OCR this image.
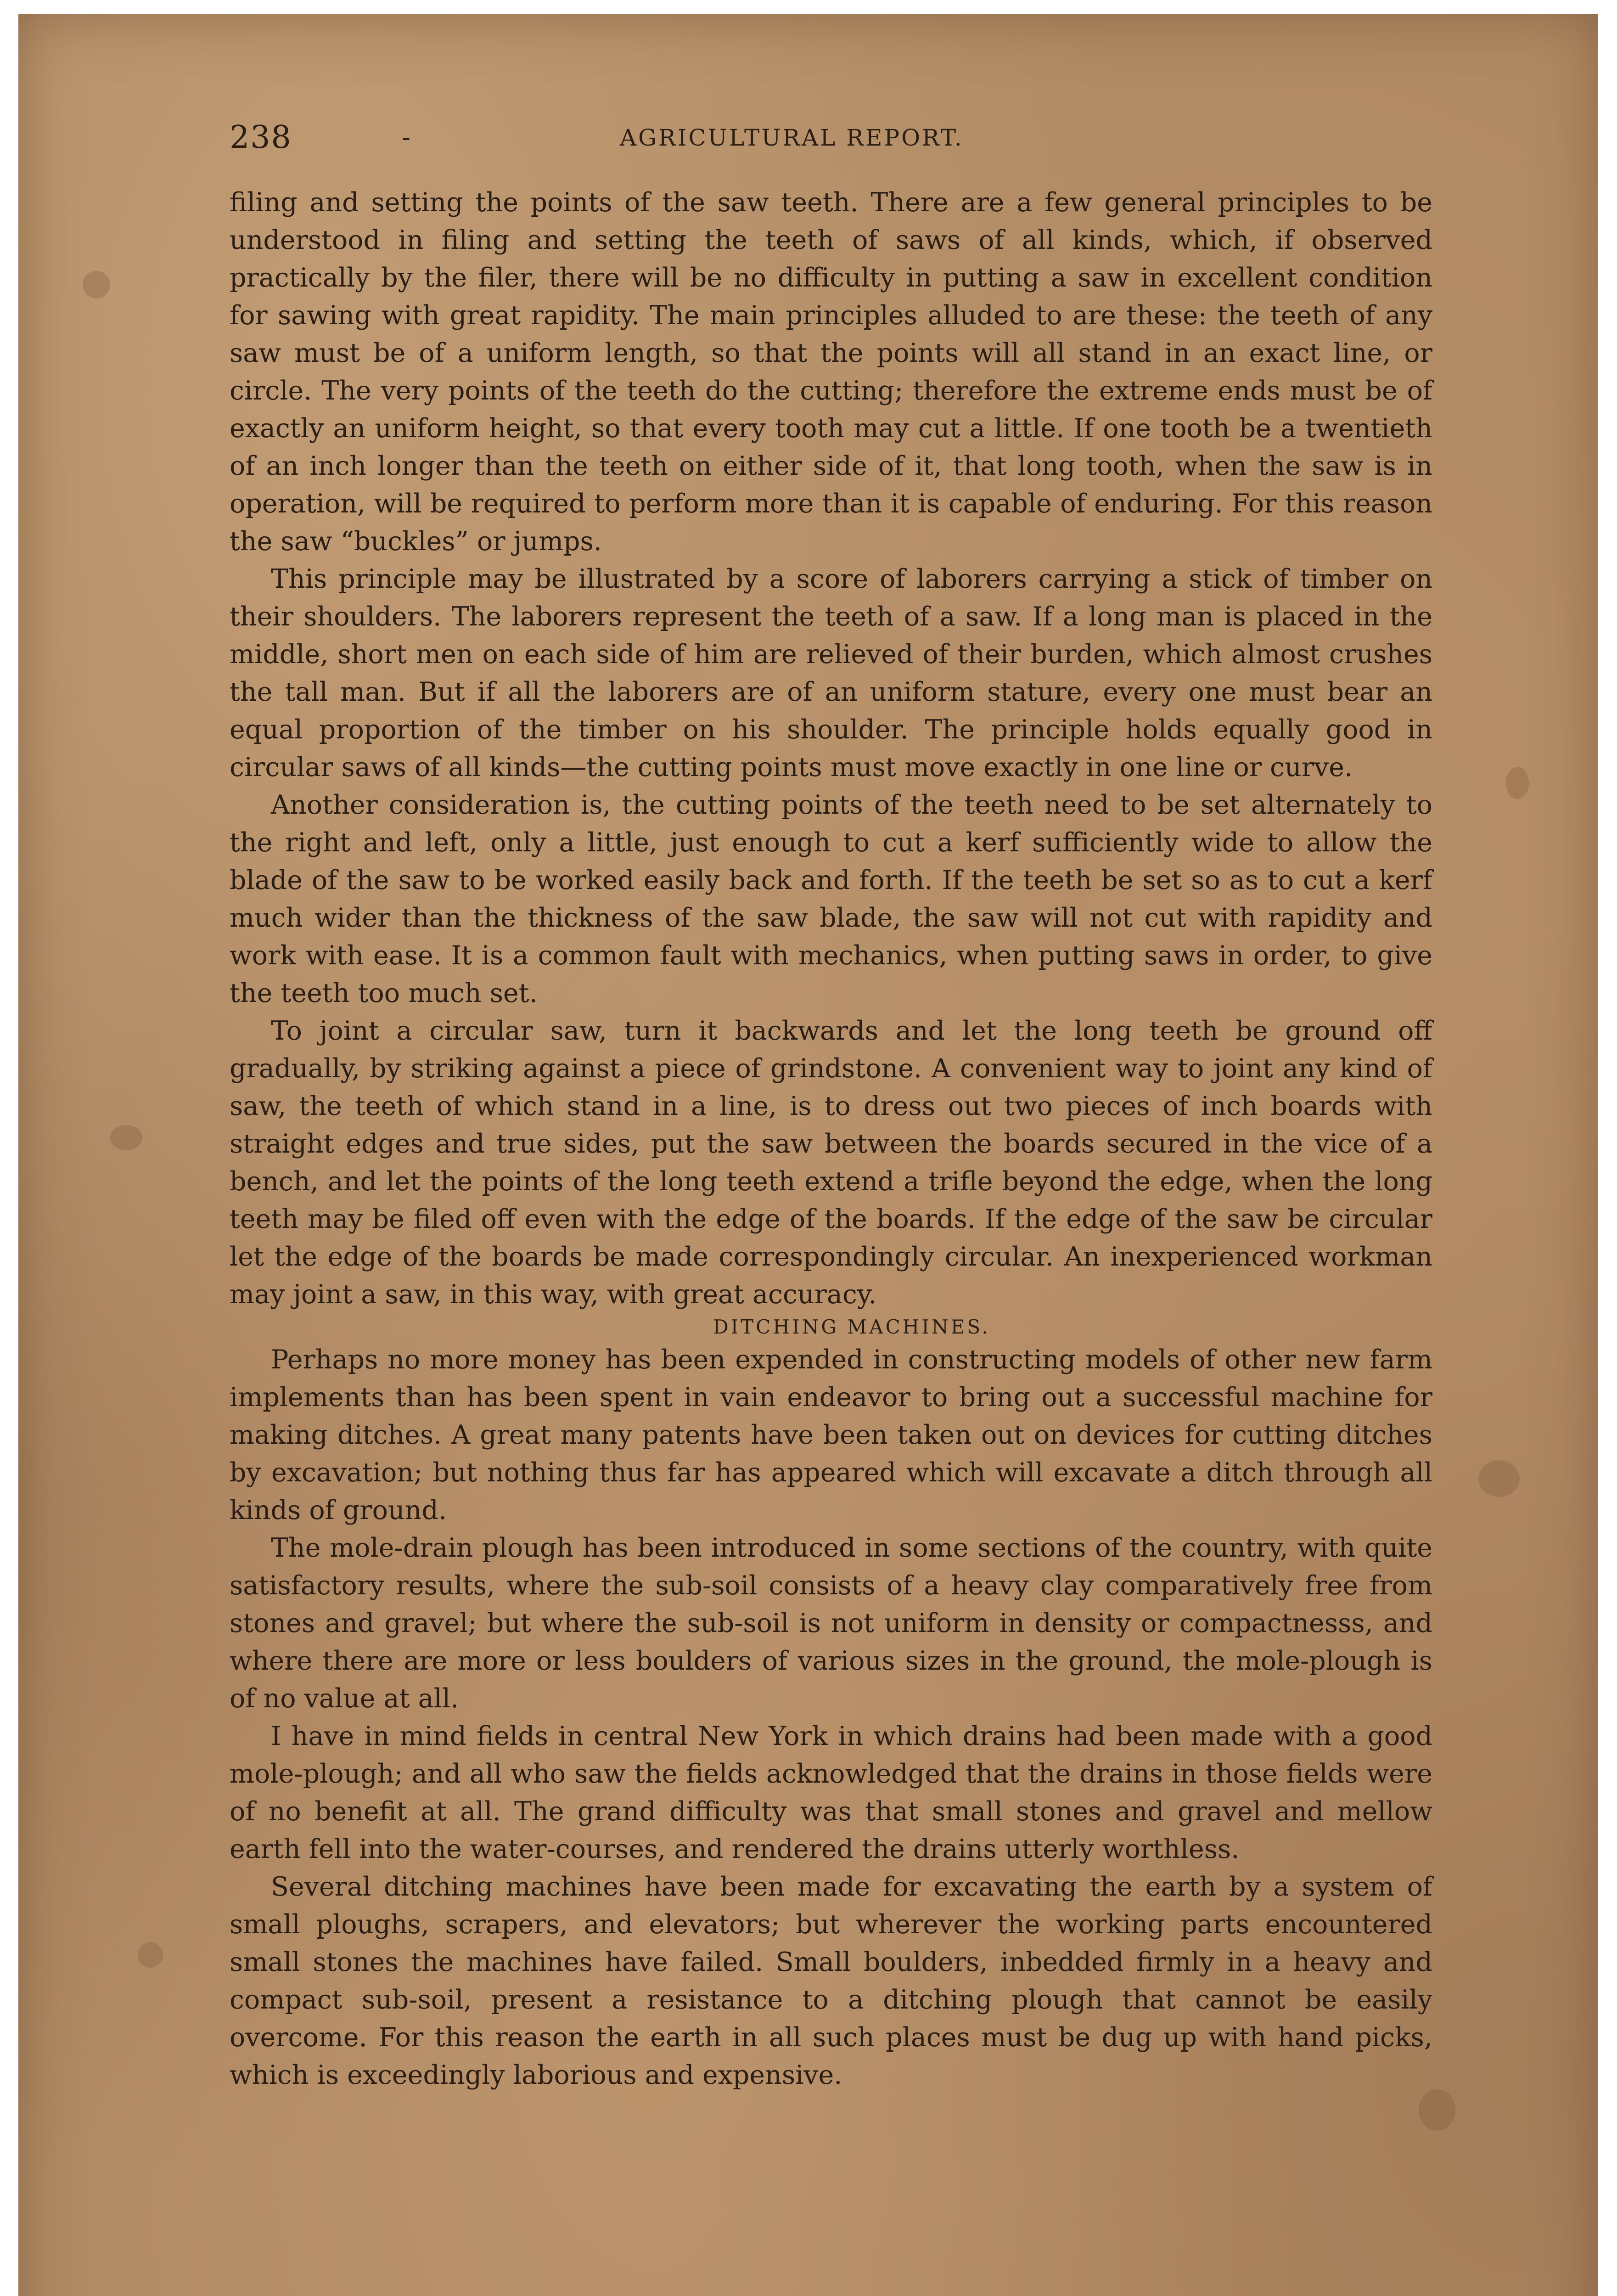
238	-	AGRICULTURAL REPORT.

filing and setting the points of the saw teeth. There are a few general principles to be understood in filing and setting the teeth of saws of all kinds, which, if observed practically by the filer, there will be no difficulty in putting a saw in excellent condition for sawing with great rapidity. The main principles alluded to are these: the teeth of any saw must be of a uniform length, so that the points will all stand in an exact line, or circle. The very points of the teeth do the cutting; therefore the extreme ends must be of exactly an uniform height, so that every tooth may cut a little. If one tooth be a twentieth of an inch longer than the teeth on either side of it, that long tooth, when the saw is in operation, will be required to perform more than it is capable of enduring. For this reason the saw “buckles” or jumps.

This principle may be illustrated by a score of laborers carrying a stick of timber on their shoulders. The laborers represent the teeth of a saw. If a long man is placed in the middle, short men on each side of him are relieved of their burden, which almost crushes the tall man. But if all the laborers are of an uniform stature, every one must bear an equal proportion of the timber on his shoulder. The principle holds equally good in circular saws of all kinds—the cutting points must move exactly in one line or curve.

Another consideration is, the cutting points of the teeth need to be set alternately to the right and left, only a little, just enough to cut a kerf sufficiently wide to allow the blade of the saw to be worked easily back and forth. If the teeth be set so as to cut a kerf much wider than the thickness of the saw blade, the saw will not cut with rapidity and work with ease. It is a common fault with mechanics, when putting saws in order, to give the teeth too much set.

To joint a circular saw, turn it backwards and let the long teeth be ground off gradually, by striking against a piece of grindstone. A convenient way to joint any kind of saw, the teeth of which stand in a line, is to dress out two pieces of inch boards with straight edges and true sides, put the saw between the boards secured in the vice of a bench, and let the points of the long teeth extend a trifle beyond the edge, when the long teeth may be filed off even with the edge of the boards. If the edge of the saw be circular let the edge of the boards be made correspondingly circular. An inexperienced workman may joint a saw, in this way, with great accuracy.

DITCHING MACHINES.

Perhaps no more money has been expended in constructing models of other new farm implements than has been spent in vain endeavor to bring out a successful machine for making ditches. A great many patents have been taken out on devices for cutting ditches by excavation; but nothing thus far has appeared which will excavate a ditch through all kinds of ground.

The mole-drain plough has been introduced in some sections of the country, with quite satisfactory results, where the sub-soil consists of a heavy clay comparatively free from stones and gravel; but where the sub-soil is not uniform in density or compactnesss, and where there are more or less boulders of various sizes in the ground, the mole-plough is of no value at all.

I have in mind fields in central New York in which drains had been made with a good mole-plough; and all who saw the fields acknowledged that the drains in those fields were of no benefit at all. The grand difficulty was that small stones and gravel and mellow earth fell into the water-courses, and rendered the drains utterly worthless.

Several ditching machines have been made for excavating the earth by a system of small ploughs, scrapers, and elevators; but wherever the working parts encountered small stones the machines have failed. Small boulders, inbedded firmly in a heavy and compact sub-soil, present a resistance to a ditching plough that cannot be easily overcome. For this reason the earth in all such places must be dug up with hand picks, which is exceedingly laborious and expensive.
